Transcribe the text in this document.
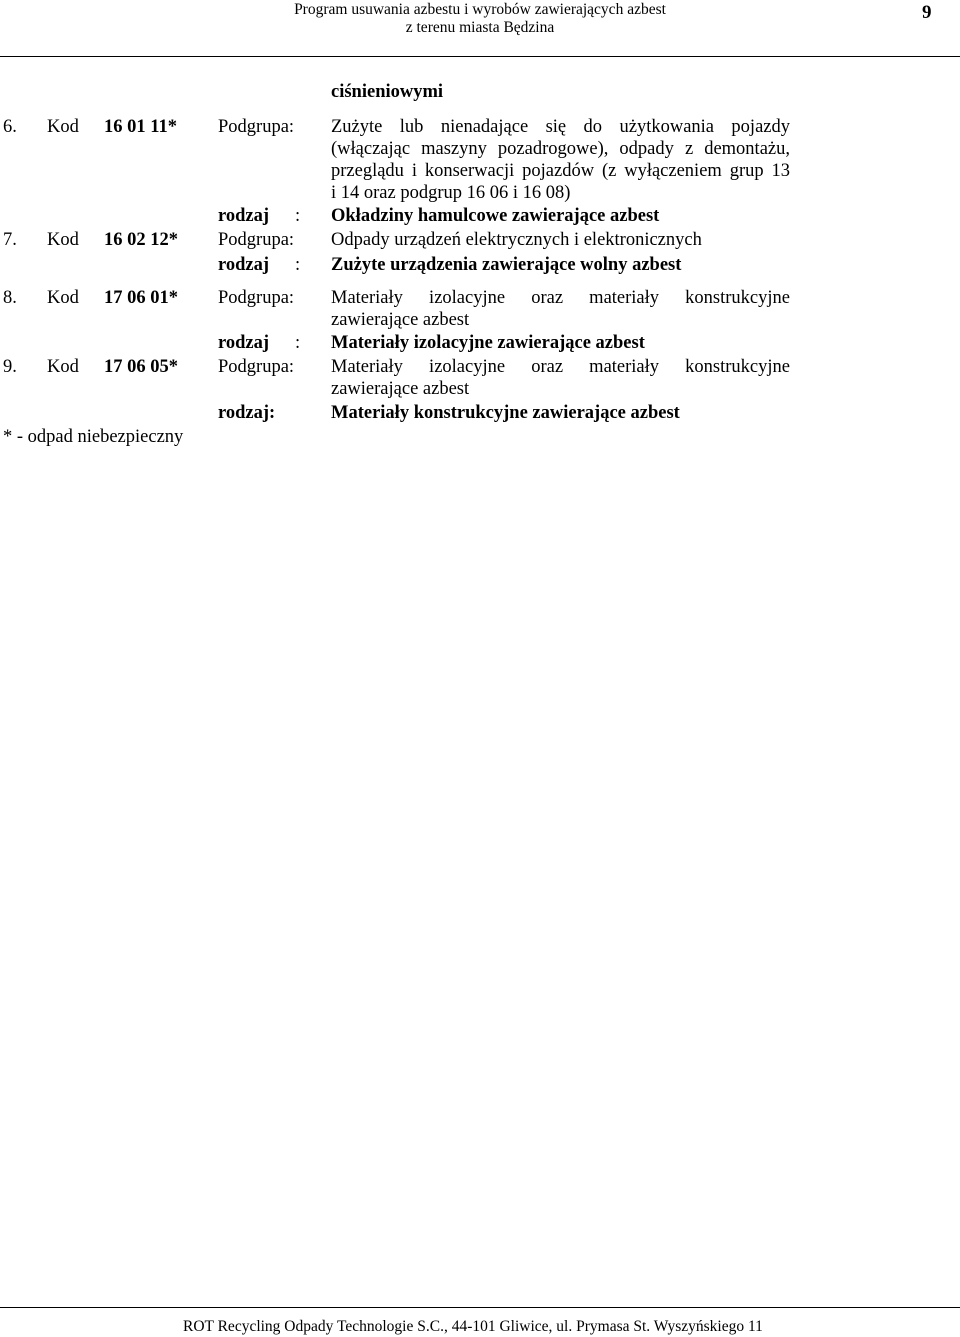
Program usuwania azbestu i wyrobów zawierających azbest
z terenu miasta Będzina
9
ciśnieniowymi
6. Kod 16 01 11* Podgrupa: Zużyte lub nienadające się do użytkowania pojazdy
(włączając maszyny pozadrogowe), odpady z demontażu,
przeglądu i konserwacji pojazdów (z wyłączeniem grup 13
i 14 oraz podgrup 16 06 i 16 08)
rodzaj : Okładziny hamulcowe zawierające azbest
7. Kod 16 02 12* Podgrupa: Odpady urządzeń elektrycznych i elektronicznych
rodzaj : Zużyte urządzenia zawierające wolny azbest
8. Kod 17 06 01* Podgrupa: Materiały izolacyjne oraz materiały konstrukcyjne
zawierające azbest
rodzaj : Materiały izolacyjne zawierające azbest
9. Kod 17 06 05* Podgrupa: Materiały izolacyjne oraz materiały konstrukcyjne
zawierające azbest
rodzaj:	Materiały konstrukcyjne zawierające azbest
* - odpad niebezpieczny
ROT Recycling Odpady Technologie S.C., 44-101 Gliwice, ul. Prymasa St. Wyszyńskiego 11
